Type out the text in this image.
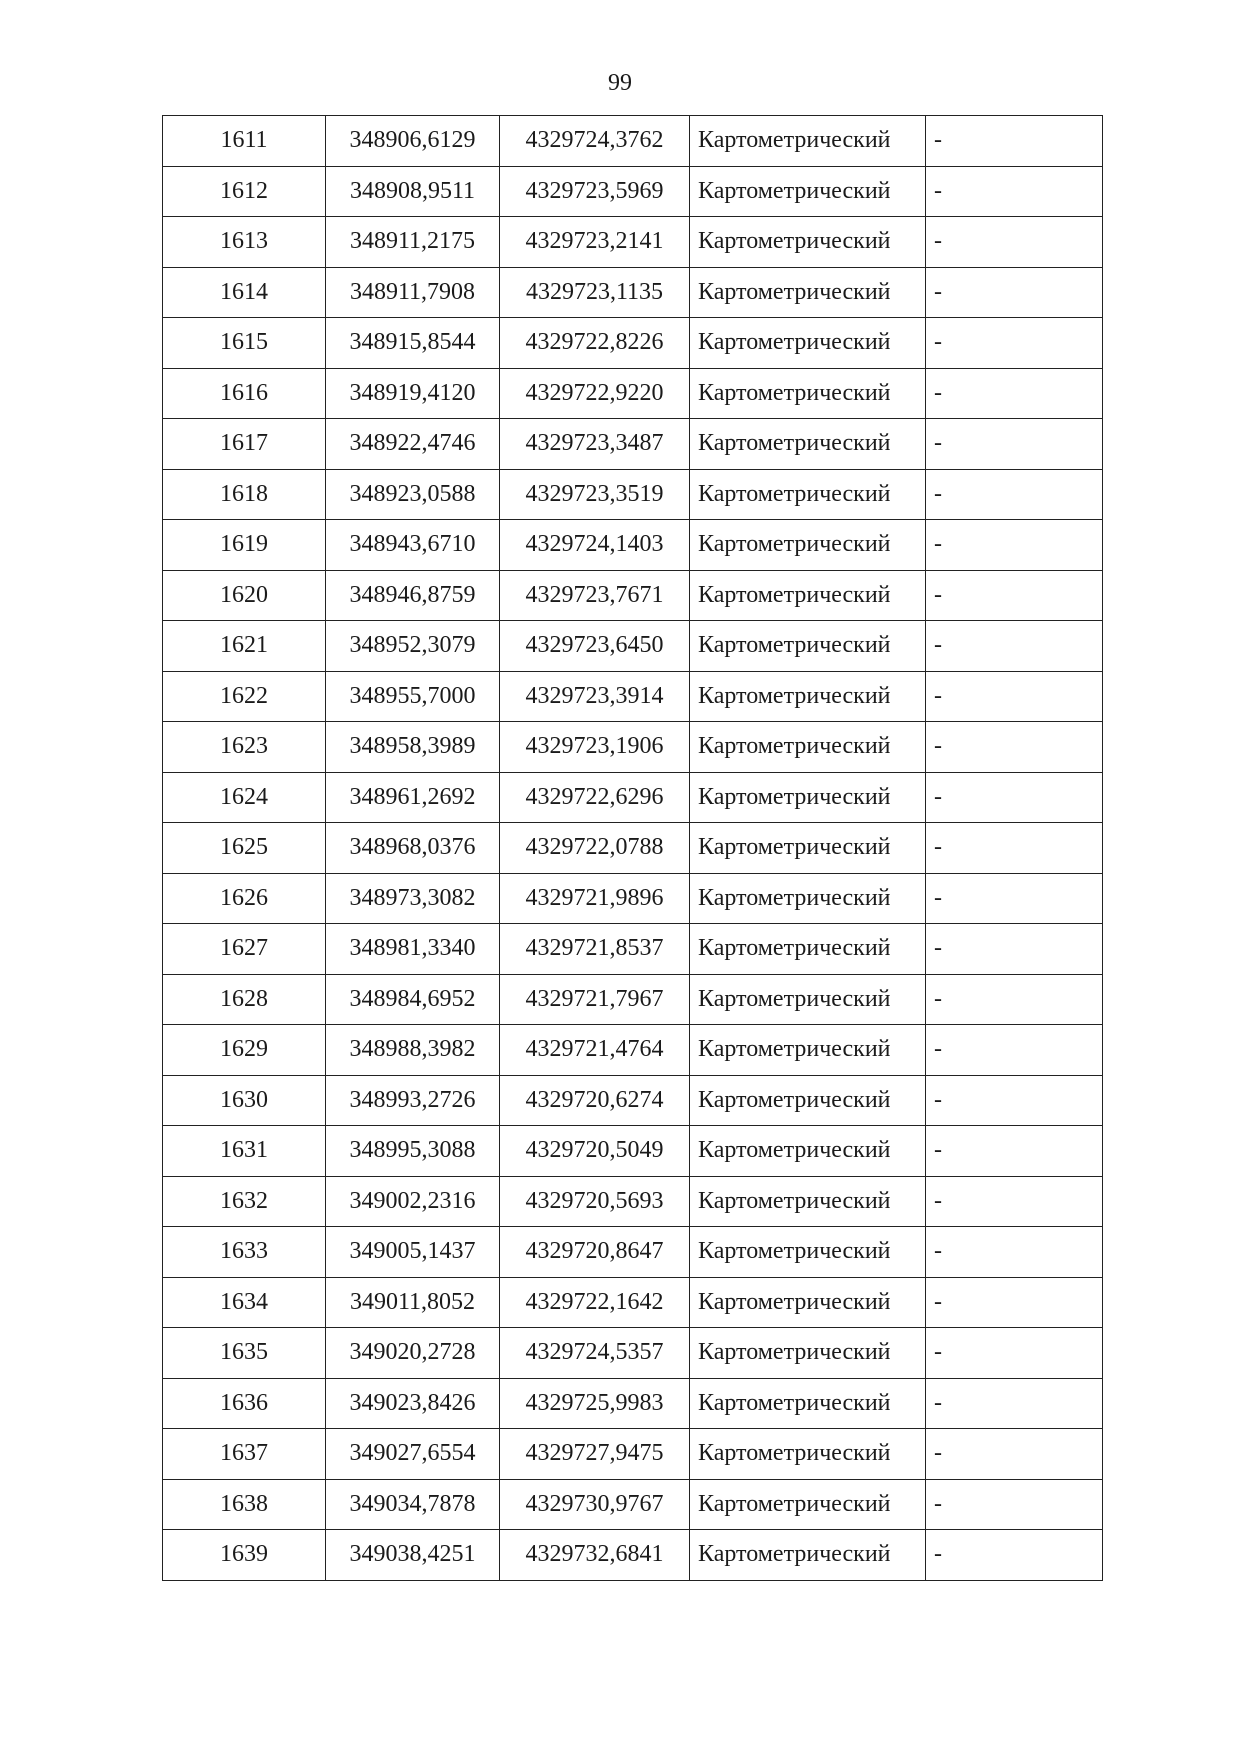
99
1611	348906,6129	4329724,3762	Картометрический	-
1612	348908,9511	4329723,5969	Картометрический	-
1613	348911,2175	4329723,2141	Картометрический	-
1614	348911,7908	4329723,1135	Картометрический	-
1615	348915,8544	4329722,8226	Картометрический	-
1616	348919,4120	4329722,9220	Картометрический	-
1617	348922,4746	4329723,3487	Картометрический	-
1618	348923,0588	4329723,3519	Картометрический	-
1619	348943,6710	4329724,1403	Картометрический	-
1620	348946,8759	4329723,7671	Картометрический	-
1621	348952,3079	4329723,6450	Картометрический	-
1622	348955,7000	4329723,3914	Картометрический	-
1623	348958,3989	4329723,1906	Картометрический	-
1624	348961,2692	4329722,6296	Картометрический	-
1625	348968,0376	4329722,0788	Картометрический	-
1626	348973,3082	4329721,9896	Картометрический	-
1627	348981,3340	4329721,8537	Картометрический	-
1628	348984,6952	4329721,7967	Картометрический	-
1629	348988,3982	4329721,4764	Картометрический	-
1630	348993,2726	4329720,6274	Картометрический	-
1631	348995,3088	4329720,5049	Картометрический	-
1632	349002,2316	4329720,5693	Картометрический	-
1633	349005,1437	4329720,8647	Картометрический	-
1634	349011,8052	4329722,1642	Картометрический	-
1635	349020,2728	4329724,5357	Картометрический	-
1636	349023,8426	4329725,9983	Картометрический	-
1637	349027,6554	4329727,9475	Картометрический	-
1638	349034,7878	4329730,9767	Картометрический	-
1639	349038,4251	4329732,6841	Картометрический	-
